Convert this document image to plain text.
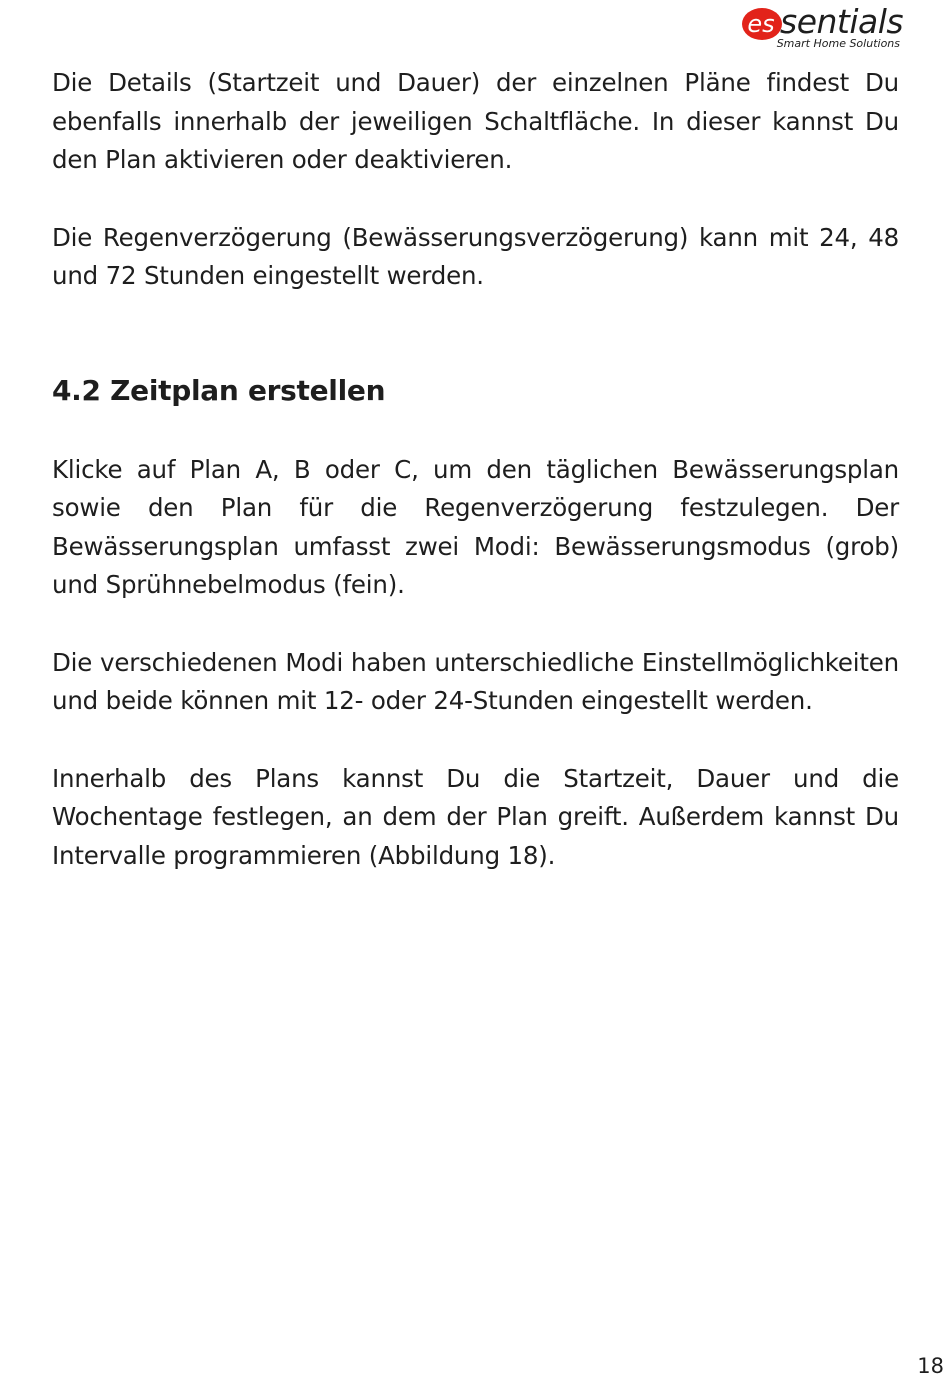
es sentials
Smart Home Solutions

Die Details (Startzeit und Dauer) der einzelnen Pläne findest Du ebenfalls innerhalb der jeweiligen Schaltfläche. In dieser kannst Du den Plan aktivieren oder deaktivieren.

Die Regenverzögerung (Bewässerungsverzögerung) kann mit 24, 48 und 72 Stunden eingestellt werden.

4.2 Zeitplan erstellen

Klicke auf Plan A, B oder C, um den täglichen Bewässerungsplan sowie den Plan für die Regenverzögerung festzulegen. Der Bewässerungsplan umfasst zwei Modi: Bewässerungsmodus (grob) und Sprühnebelmodus (fein).

Die verschiedenen Modi haben unterschiedliche Einstellmöglichkeiten und beide können mit 12- oder 24-Stunden eingestellt werden.

Innerhalb des Plans kannst Du die Startzeit, Dauer und die Wochentage festlegen, an dem der Plan greift. Außerdem kannst Du Intervalle programmieren (Abbildung 18).

18
